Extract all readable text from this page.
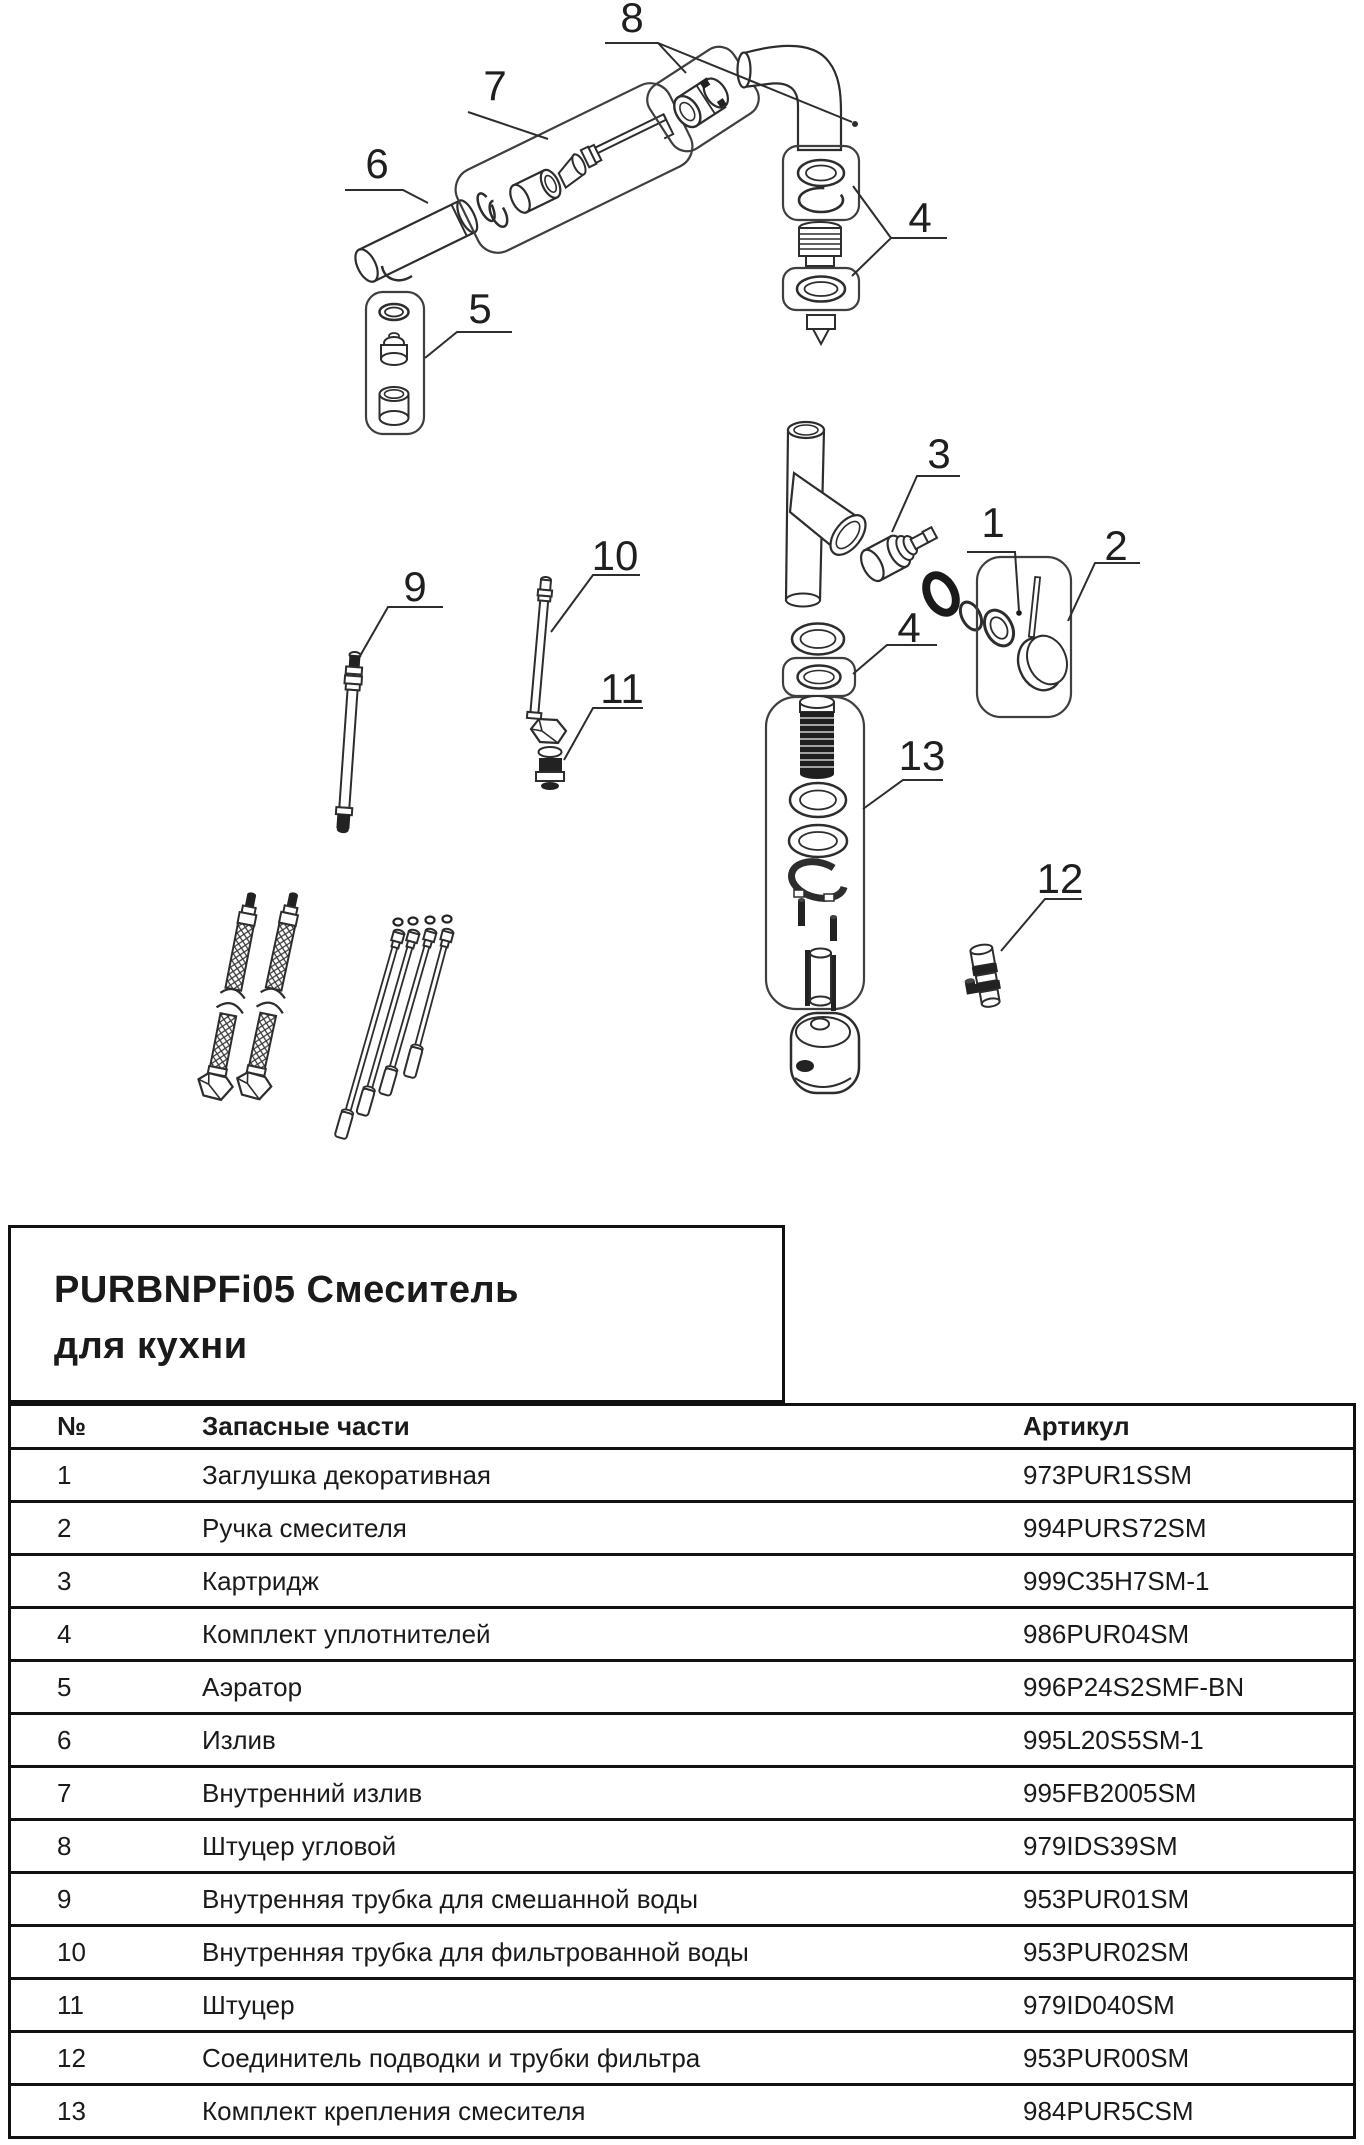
8
7
6
4
5
3
1 2
10
9
4
11
13
12
PURBNPFi05 Смеситель
для кухни
№	Запасные части	Артикул
1	Заглушка декоративная	973PUR1SSM
2	Ручка смесителя	994PURS72SM
3	Картридж	999C35H7SM-1
4	Комплект уплотнителей	986PUR04SM
5	Аэратор	996P24S2SMF-BN
6	Излив	995L20S5SM-1
7	Внутренний излив	995FB2005SM
8	Штуцер угловой	979IDS39SM
9	Внутренняя трубка для смешанной воды	953PUR01SM
10	Внутренняя трубка для фильтрованной воды	953PUR02SM
11	Штуцер	979ID040SM
12	Соединитель подводки и трубки фильтра	953PUR00SM
13	Комплект крепления смесителя	984PUR5CSM
